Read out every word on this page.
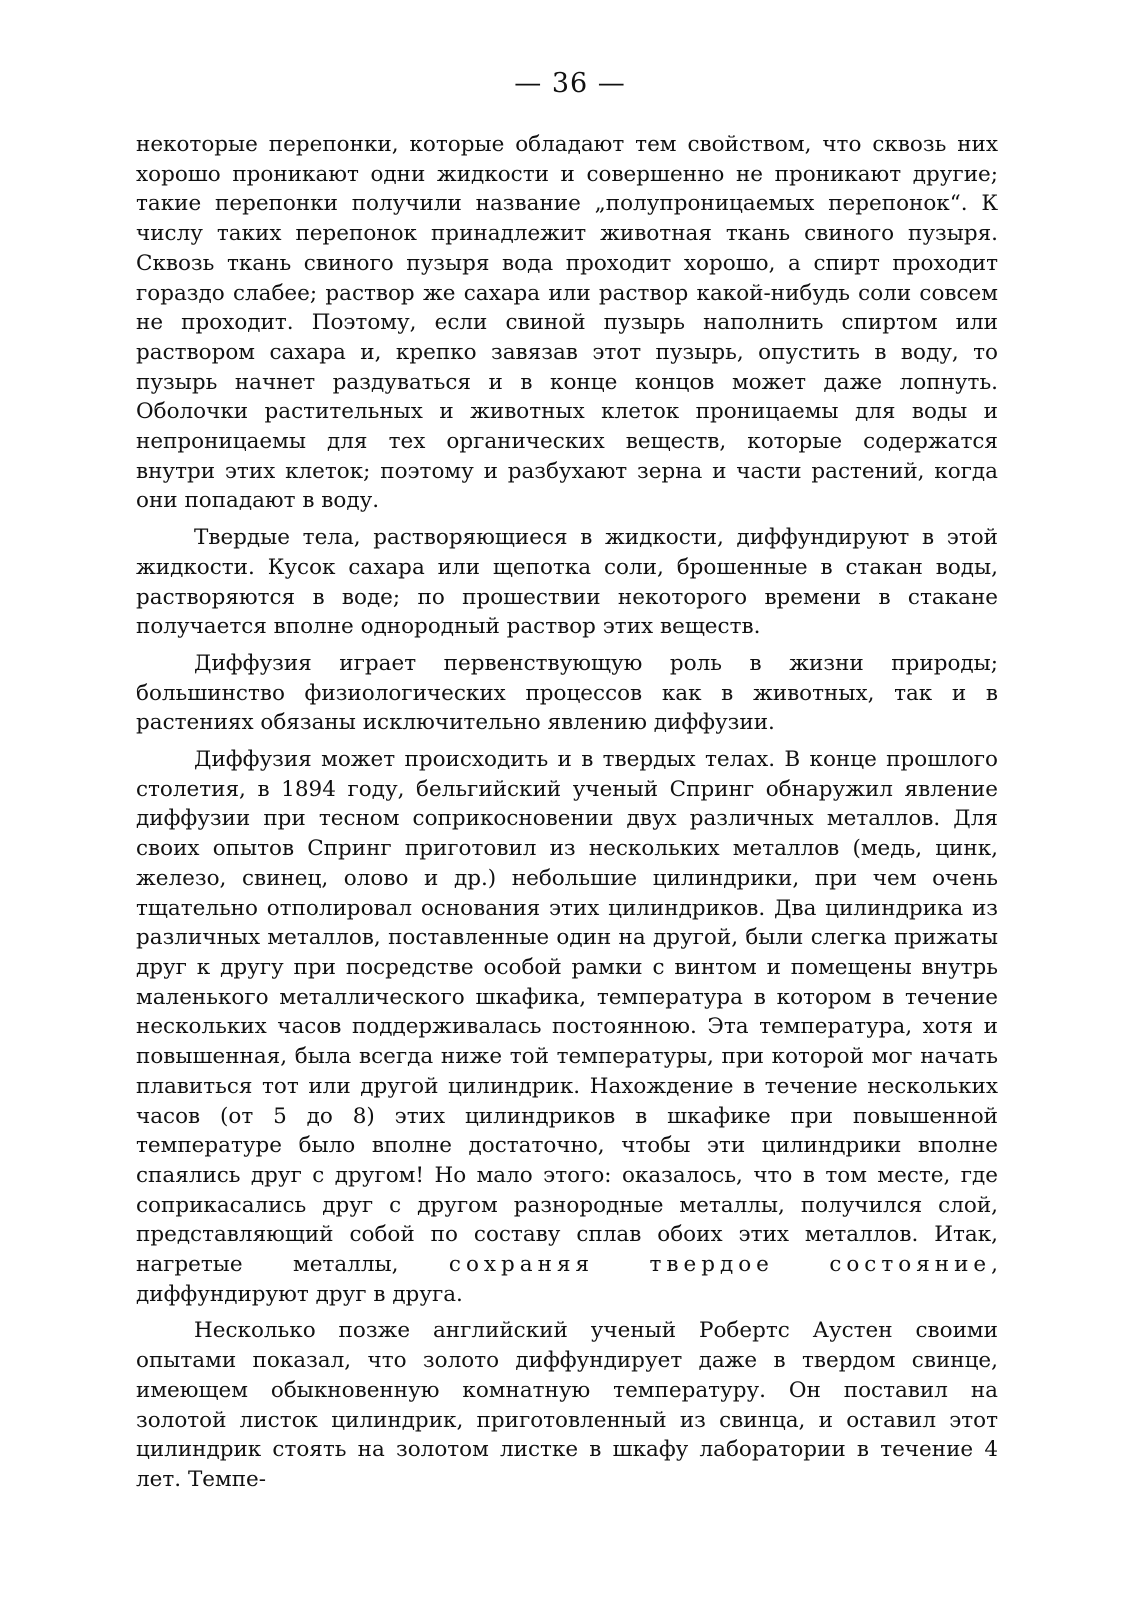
— 36 —

некоторые перепонки, которые обладают тем свойством, что сквозь них хорошо проникают одни жидкости и совершенно не проникают другие; такие перепонки получили название „полупроницаемых перепонок“. К числу таких перепонок принадлежит животная ткань свиного пузыря. Сквозь ткань свиного пузыря вода проходит хорошо, а спирт проходит гораздо слабее; раствор же сахара или раствор какой-нибудь соли совсем не проходит. Поэтому, если свиной пузырь наполнить спиртом или раствором сахара и, крепко завязав этот пузырь, опустить в воду, то пузырь начнет раздуваться и в конце концов может даже лопнуть. Оболочки растительных и животных клеток проницаемы для воды и непроницаемы для тех органических веществ, которые содержатся внутри этих клеток; поэтому и разбухают зерна и части растений, когда они попадают в воду.

Твердые тела, растворяющиеся в жидкости, диффундируют в этой жидкости. Кусок сахара или щепотка соли, брошенные в стакан воды, растворяются в воде; по прошествии некоторого времени в стакане получается вполне однородный раствор этих веществ.

Диффузия играет первенствующую роль в жизни природы; большинство физиологических процессов как в животных, так и в растениях обязаны исключительно явлению диффузии.

Диффузия может происходить и в твердых телах. В конце прошлого столетия, в 1894 году, бельгийский ученый Спринг обнаружил явление диффузии при тесном соприкосновении двух различных металлов. Для своих опытов Спринг приготовил из нескольких металлов (медь, цинк, железо, свинец, олово и др.) небольшие цилиндрики, при чем очень тщательно отполировал основания этих цилиндриков. Два цилиндрика из различных металлов, поставленные один на другой, были слегка прижаты друг к другу при посредстве особой рамки с винтом и помещены внутрь маленького металлического шкафика, температура в котором в течение нескольких часов поддерживалась постоянною. Эта температура, хотя и повышенная, была всегда ниже той температуры, при которой мог начать плавиться тот или другой цилиндрик. Нахождение в течение нескольких часов (от 5 до 8) этих цилиндриков в шкафике при повышенной температуре было вполне достаточно, чтобы эти цилиндрики вполне спаялись друг с другом! Но мало этого: оказалось, что в том месте, где соприкасались друг с другом разнородные металлы, получился слой, представляющий собой по составу сплав обоих этих металлов. Итак, нагретые металлы, сохраняя твердое состояние, диффундируют друг в друга.

Несколько позже английский ученый Робертс Аустен своими опытами показал, что золото диффундирует даже в твердом свинце, имеющем обыкновенную комнатную температуру. Он поставил на золотой листок цилиндрик, приготовленный из свинца, и оставил этот цилиндрик стоять на золотом листке в шкафу лаборатории в течение 4 лет. Темпе-
